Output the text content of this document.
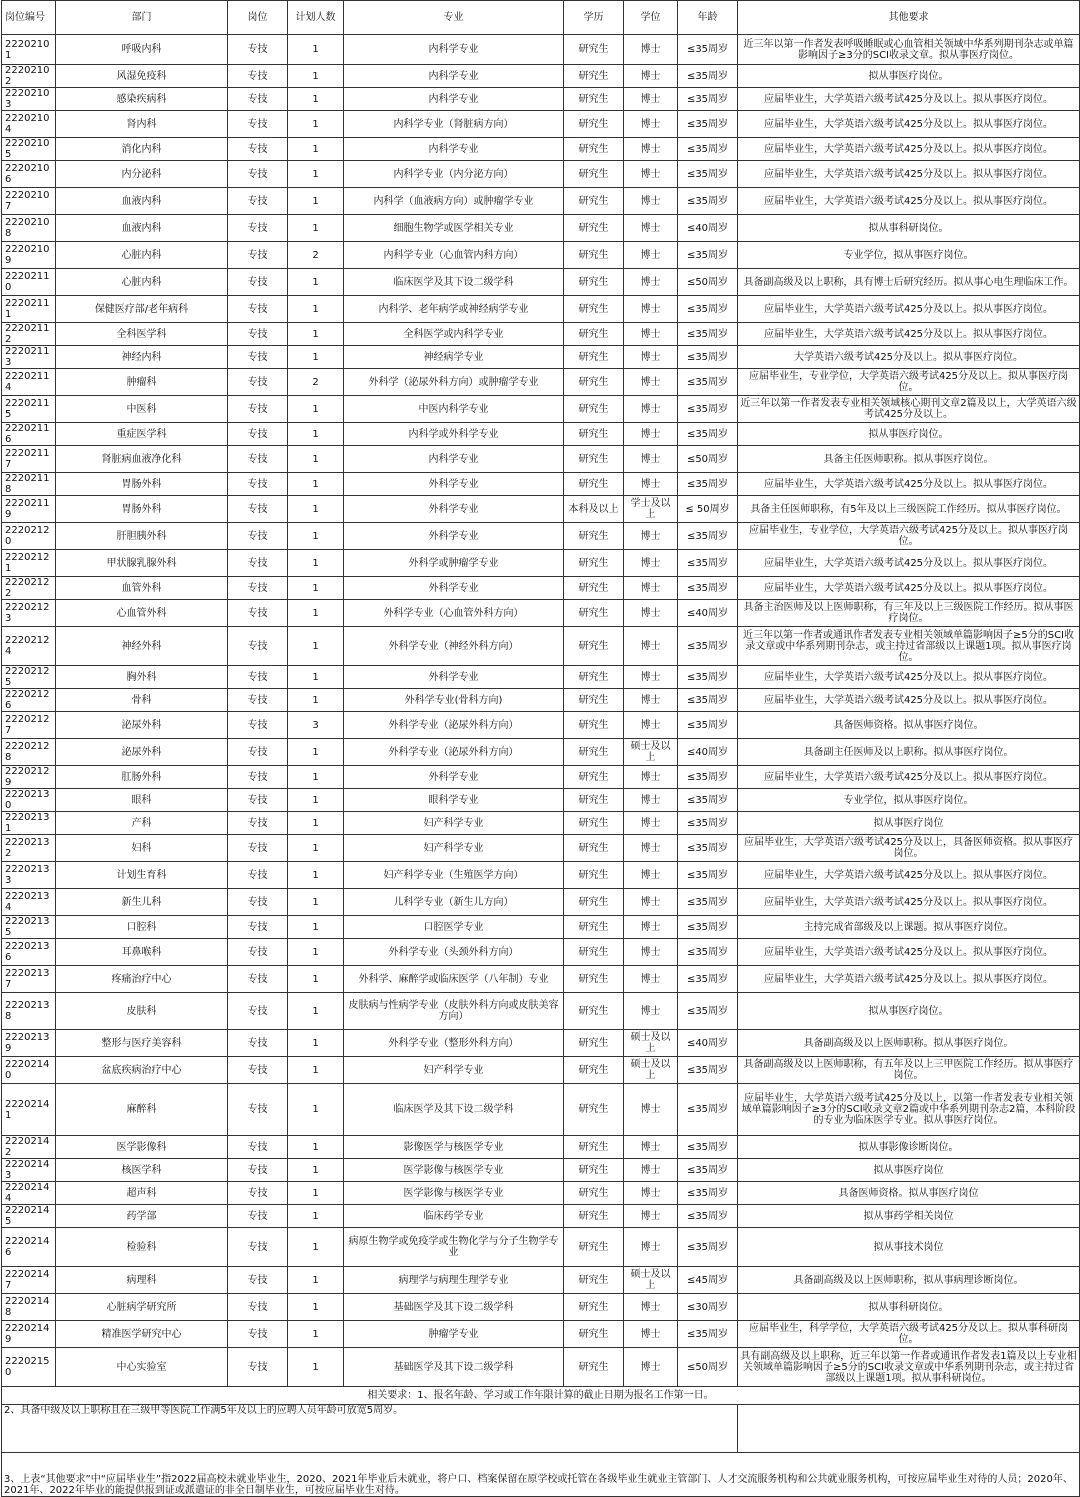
岗位编号	部门	岗位	计划人数	专业	学历	学位	年龄	其他要求
22202101	呼吸内科	专技	1	内科学专业	研究生	博士	≤35周岁	近三年以第一作者发表呼吸睡眠或心血管相关领域中华系列期刊杂志或单篇影响因子≥3分的SCI收录文章。拟从事医疗岗位。
22202102	风湿免疫科	专技	1	内科学专业	研究生	博士	≤35周岁	拟从事医疗岗位。
22202103	感染疾病科	专技	1	内科学专业	研究生	博士	≤35周岁	应届毕业生，大学英语六级考试425分及以上。拟从事医疗岗位。
22202104	肾内科	专技	1	内科学专业（肾脏病方向）	研究生	博士	≤35周岁	应届毕业生，大学英语六级考试425分及以上。拟从事医疗岗位。
22202105	消化内科	专技	1	内科学专业	研究生	博士	≤35周岁	应届毕业生，大学英语六级考试425分及以上。拟从事医疗岗位。
22202106	内分泌科	专技	1	内科学专业（内分泌方向）	研究生	博士	≤35周岁	应届毕业生，大学英语六级考试425分及以上。拟从事医疗岗位。
22202107	血液内科	专技	1	内科学（血液病方向）或肿瘤学专业	研究生	博士	≤35周岁	应届毕业生，大学英语六级考试425分及以上。拟从事医疗岗位。
22202108	血液内科	专技	1	细胞生物学或医学相关专业	研究生	博士	≤40周岁	拟从事科研岗位。
22202109	心脏内科	专技	2	内科学专业（心血管内科方向）	研究生	博士	≤35周岁	专业学位，拟从事医疗岗位。
22202110	心脏内科	专技	1	临床医学及其下设二级学科	研究生	博士	≤50周岁	具备副高级及以上职称，具有博士后研究经历。拟从事心电生理临床工作。
22202111	保健医疗部/老年病科	专技	1	内科学、老年病学或神经病学专业	研究生	博士	≤35周岁	应届毕业生，大学英语六级考试425分及以上。拟从事医疗岗位。
22202112	全科医学科	专技	1	全科医学或内科学专业	研究生	博士	≤35周岁	应届毕业生，大学英语六级考试425分及以上。拟从事医疗岗位。
22202113	神经内科	专技	1	神经病学专业	研究生	博士	≤35周岁	大学英语六级考试425分及以上。拟从事医疗岗位。
22202114	肿瘤科	专技	2	外科学（泌尿外科方向）或肿瘤学专业	研究生	博士	≤35周岁	应届毕业生，专业学位，大学英语六级考试425分及以上。拟从事医疗岗位。
22202115	中医科	专技	1	中医内科学专业	研究生	博士	≤35周岁	近三年以第一作者发表专业相关领域核心期刊文章2篇及以上，大学英语六级考试425分及以上。
22202116	重症医学科	专技	1	内科学或外科学专业	研究生	博士	≤35周岁	拟从事医疗岗位。
22202117	肾脏病血液净化科	专技	1	内科学专业	研究生	博士	≤50周岁	具备主任医师职称。拟从事医疗岗位。
22202118	胃肠外科	专技	1	外科学专业	研究生	博士	≤35周岁	应届毕业生，大学英语六级考试425分及以上。拟从事医疗岗位。
22202119	胃肠外科	专技	1	外科学专业	本科及以上	学士及以上	≤ 50周岁	具备主任医师职称，有5年及以上三级医院工作经历。拟从事医疗岗位。
22202120	肝胆胰外科	专技	1	外科学专业	研究生	博士	≤35周岁	应届毕业生，专业学位，大学英语六级考试425分及以上。拟从事医疗岗位。
22202121	甲状腺乳腺外科	专技	1	外科学或肿瘤学专业	研究生	博士	≤35周岁	应届毕业生，大学英语六级考试425分及以上。拟从事医疗岗位。
22202122	血管外科	专技	1	外科学专业	研究生	博士	≤35周岁	应届毕业生，大学英语六级考试425分及以上。拟从事医疗岗位。
22202123	心血管外科	专技	1	外科学专业（心血管外科方向）	研究生	博士	≤40周岁	具备主治医师及以上医师职称，有三年及以上三级医院工作经历。拟从事医疗岗位。
22202124	神经外科	专技	1	外科学专业（神经外科方向）	研究生	博士	≤35周岁	近三年以第一作者或通讯作者发表专业相关领域单篇影响因子≥5分的SCI收录文章或中华系列期刊杂志，或主持过省部级以上课题1项。拟从事医疗岗位。
22202125	胸外科	专技	1	外科学专业	研究生	博士	≤35周岁	应届毕业生，大学英语六级考试425分及以上。拟从事医疗岗位。
22202126	骨科	专技	1	外科学专业(骨科方向)	研究生	博士	≤35周岁	应届毕业生，大学英语六级考试425分及以上。拟从事医疗岗位。
22202127	泌尿外科	专技	3	外科学专业（泌尿外科方向）	研究生	博士	≤35周岁	具备医师资格。拟从事医疗岗位。
22202128	泌尿外科	专技	1	外科学专业（泌尿外科方向）	研究生	硕士及以上	≤40周岁	具备副主任医师及以上职称。拟从事医疗岗位。
22202129	肛肠外科	专技	1	外科学专业	研究生	博士	≤35周岁	应届毕业生，大学英语六级考试425分及以上。拟从事医疗岗位。
22202130	眼科	专技	1	眼科学专业	研究生	博士	≤35周岁	专业学位，拟从事医疗岗位。
22202131	产科	专技	1	妇产科学专业	研究生	博士	≤35周岁	拟从事医疗岗位
22202132	妇科	专技	1	妇产科学专业	研究生	博士	≤35周岁	应届毕业生，大学英语六级考试425分及以上，具备医师资格。拟从事医疗岗位。
22202133	计划生育科	专技	1	妇产科学专业（生殖医学方向）	研究生	博士	≤35周岁	应届毕业生，大学英语六级考试425分及以上。拟从事医疗岗位。
22202134	新生儿科	专技	1	儿科学专业（新生儿方向）	研究生	博士	≤35周岁	应届毕业生，大学英语六级考试425分及以上。拟从事医疗岗位。
22202135	口腔科	专技	1	口腔医学专业	研究生	博士	≤35周岁	主持完成省部级及以上课题。拟从事医疗岗位。
22202136	耳鼻喉科	专技	1	外科学专业（头颈外科方向）	研究生	博士	≤35周岁	应届毕业生，大学英语六级考试425分及以上。拟从事医疗岗位。
22202137	疼痛治疗中心	专技	1	外科学、麻醉学或临床医学（八年制）专业	研究生	博士	≤35周岁	应届毕业生，大学英语六级考试425分及以上。拟从事医疗岗位。
22202138	皮肤科	专技	1	皮肤病与性病学专业（皮肤外科方向或皮肤美容方向）	研究生	博士	≤35周岁	拟从事医疗岗位。
22202139	整形与医疗美容科	专技	1	外科学专业（整形外科方向）	研究生	硕士及以上	≤40周岁	具备副高级及以上医师职称。拟从事医疗岗位。
22202140	盆底疾病治疗中心	专技	1	妇产科学专业	研究生	硕士及以上	≤35周岁	具备副高级及以上医师职称，有五年及以上三甲医院工作经历。拟从事医疗岗位。
22202141	麻醉科	专技	1	临床医学及其下设二级学科	研究生	博士	≤35周岁	应届毕业生，大学英语六级考试425分及以上，以第一作者发表专业相关领域单篇影响因子≥3分的SCI收录文章2篇或中华系列期刊杂志2篇，本科阶段的专业为临床医学专业。拟从事医疗岗位。
22202142	医学影像科	专技	1	影像医学与核医学专业	研究生	博士	≤35周岁	拟从事影像诊断岗位。
22202143	核医学科	专技	1	医学影像与核医学专业	研究生	博士	≤35周岁	拟从事医疗岗位
22202144	超声科	专技	1	医学影像与核医学专业	研究生	博士	≤35周岁	具备医师资格。拟从事医疗岗位
22202145	药学部	专技	1	临床药学专业	研究生	博士	≤35周岁	拟从事药学相关岗位
22202146	检验科	专技	1	病原生物学或免疫学或生物化学与分子生物学专业	研究生	博士	≤35周岁	拟从事技术岗位
22202147	病理科	专技	1	病理学与病理生理学专业	研究生	硕士及以上	≤45周岁	具备副高级及以上医师职称，拟从事病理诊断岗位。
22202148	心脏病学研究所	专技	1	基础医学及其下设二级学科	研究生	博士	≤30周岁	拟从事科研岗位。
22202149	精准医学研究中心	专技	1	肿瘤学专业	研究生	博士	≤35周岁	应届毕业生，科学学位，大学英语六级考试425分及以上。拟从事科研岗位。
22202150	中心实验室	专技	1	基础医学及其下设二级学科	研究生	博士	≤50周岁	具有副高级及以上职称，近三年以第一作者或通讯作者发表1篇及以上专业相关领域单篇影响因子≥5分的SCI收录文章或中华系列期刊杂志，或主持过省部级以上课题1项。拟从事科研岗位。
相关要求：1、报名年龄、学习或工作年限计算的截止日期为报名工作第一日。								
2、具备中级及以上职称且在三级甲等医院工作满5年及以上的应聘人员年龄可放宽5周岁。								
3、上表“其他要求”中“应届毕业生”指2022届高校未就业毕业生，2020、2021年毕业后未就业，将户口、档案保留在原学校或托管在各级毕业生就业主管部门、人才交流服务机构和公共就业服务机构，可按应届毕业生对待的人员；2020年、2021年、2022年毕业的能提供报到证或派遣证的非全日制毕业生，可按应届毕业生对待。								
